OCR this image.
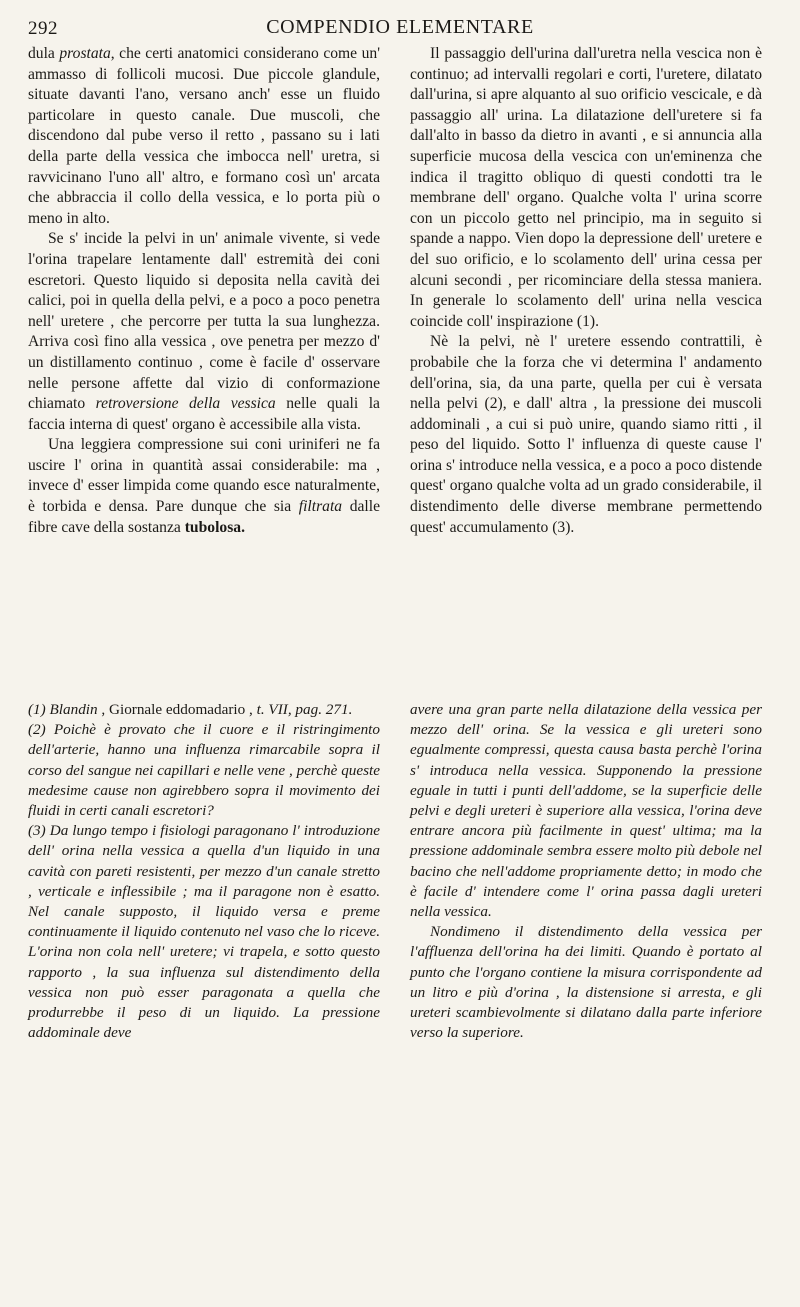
292	COMPENDIO ELEMENTARE

dula prostata, che certi anatomici considerano come un' ammasso di follicoli mucosi. Due piccole glandule, situate davanti l'ano, versano anch' esse un fluido particolare in questo canale. Due muscoli, che discendono dal pube verso il retto , passano su i lati della parte della vessica che imbocca nell' uretra, si ravvicinano l'uno all' altro, e formano così un' arcata che abbraccia il collo della vessica, e lo porta più o meno in alto.

Se s' incide la pelvi in un' animale vivente, si vede l'orina trapelare lentamente dall' estremità dei coni escretori. Questo liquido si deposita nella cavità dei calici, poi in quella della pelvi, e a poco a poco penetra nell' uretere , che percorre per tutta la sua lunghezza. Arriva così fino alla vessica , ove penetra per mezzo d' un distillamento continuo , come è facile d' osservare nelle persone affette dal vizio di conformazione chiamato retroversione della vessica nelle quali la faccia interna di quest' organo è accessibile alla vista.

Una leggiera compressione sui coni uriniferi ne fa uscire l' orina in quantità assai considerabile: ma , invece d' esser limpida come quando esce naturalmente, è torbida e densa. Pare dunque che sia filtrata dalle fibre cave della sostanza tubolosa.

Il passaggio dell'urina dall'uretra nella vescica non è continuo; ad intervalli regolari e corti, l'uretere, dilatato dall'urina, si apre alquanto al suo orificio vescicale, e dà passaggio all' urina. La dilatazione dell'uretere si fa dall'alto in basso da dietro in avanti , e si annuncia alla superficie mucosa della vescica con un'eminenza che indica il tragitto obliquo di questi condotti tra le membrane dell' organo. Qualche volta l' urina scorre con un piccolo getto nel principio, ma in seguito si spande a nappo. Vien dopo la depressione dell' uretere e del suo orificio, e lo scolamento dell' urina cessa per alcuni secondi , per ricominciare della stessa maniera. In generale lo scolamento dell' urina nella vescica coincide coll' inspirazione (1).

Nè la pelvi, nè l' uretere essendo contrattili, è probabile che la forza che vi determina l' andamento dell'orina, sia, da una parte, quella per cui è versata nella pelvi (2), e dall' altra , la pressione dei muscoli addominali , a cui si può unire, quando siamo ritti , il peso del liquido. Sotto l' influenza di queste cause l' orina s' introduce nella vessica, e a poco a poco distende quest' organo qualche volta ad un grado considerabile, il distendimento delle diverse membrane permettendo quest' accumulamento (3).

(1) Blandin , Giornale eddomadario , t. VII, pag. 271.

(2) Poichè è provato che il cuore e il ristringimento dell'arterie, hanno una influenza rimarcabile sopra il corso del sangue nei capillari e nelle vene , perchè queste medesime cause non agirebbero sopra il movimento dei fluidi in certi canali escretori?

(3) Da lungo tempo i fisiologi paragonano l' introduzione dell' orina nella vessica a quella d'un liquido in una cavità con pareti resistenti, per mezzo d'un canale stretto , verticale e inflessibile ; ma il paragone non è esatto. Nel canale supposto, il liquido versa e preme continuamente il liquido contenuto nel vaso che lo riceve. L'orina non cola nell' uretere; vi trapela, e sotto questo rapporto , la sua influenza sul distendimento della vessica non può esser paragonata a quella che produrrebbe il peso di un liquido. La pressione addominale deve

avere una gran parte nella dilatazione della vessica per mezzo dell' orina. Se la vessica e gli ureteri sono egualmente compressi, questa causa basta perchè l'orina s' introduca nella vessica. Supponendo la pressione eguale in tutti i punti dell'addome, se la superficie delle pelvi e degli ureteri è superiore alla vessica, l'orina deve entrare ancora più facilmente in quest' ultima; ma la pressione addominale sembra essere molto più debole nel bacino che nell'addome propriamente detto; in modo che è facile d' intendere come l' orina passa dagli ureteri nella vessica.

Nondimeno il distendimento della vessica per l'affluenza dell'orina ha dei limiti. Quando è portato al punto che l'organo contiene la misura corrispondente ad un litro e più d'orina , la distensione si arresta, e gli ureteri scambievolmente si dilatano dalla parte inferiore verso la superiore.
